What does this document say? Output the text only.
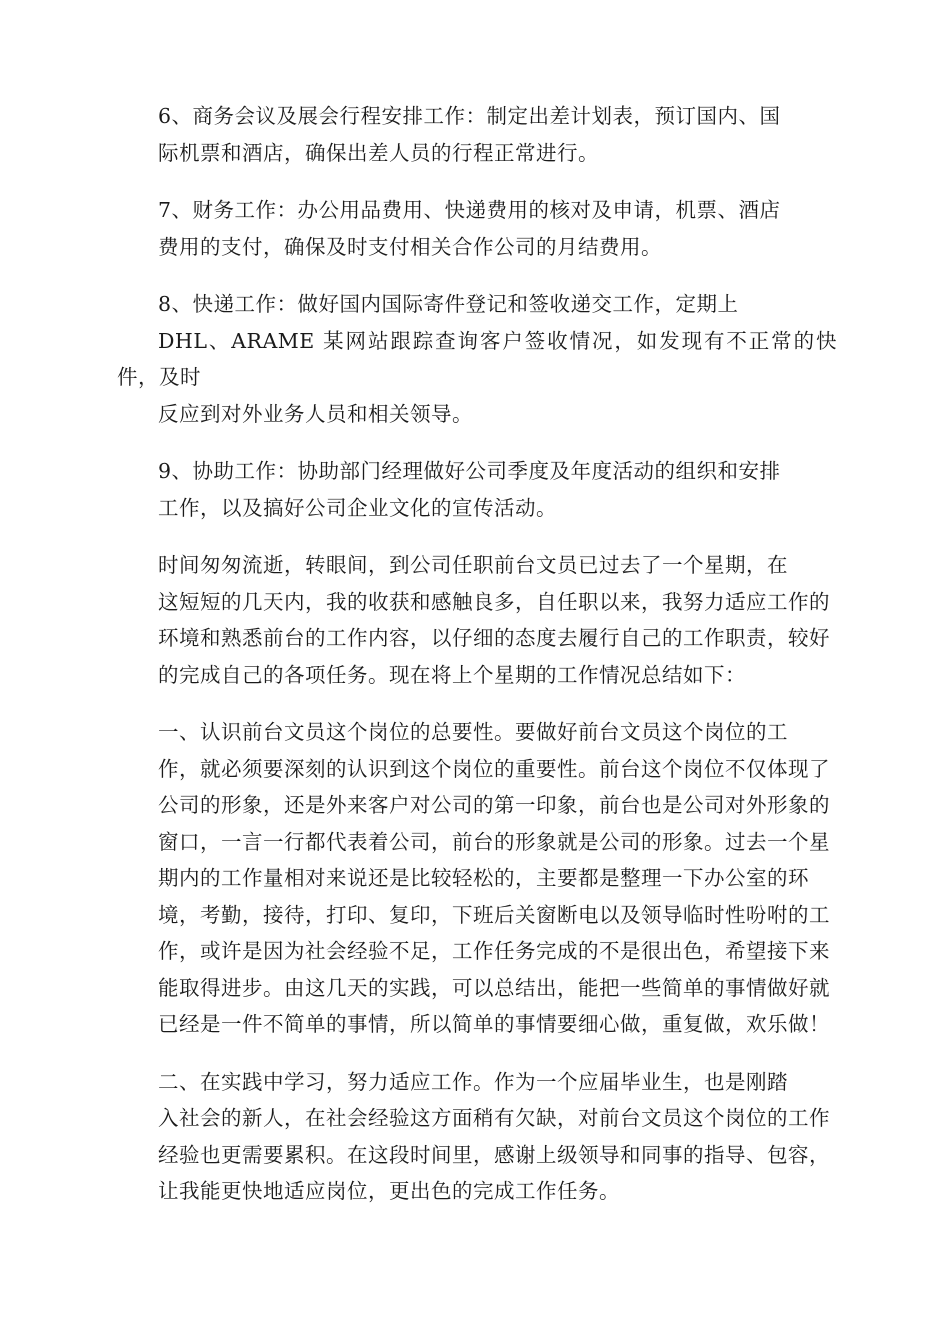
6、商务会议及展会行程安排工作：制定出差计划表，预订国内、国
际机票和酒店，确保出差人员的行程正常进行。

7、财务工作：办公用品费用、快递费用的核对及申请，机票、酒店
费用的支付，确保及时支付相关合作公司的月结费用。

8、快递工作：做好国内国际寄件登记和签收递交工作，定期上
DHL、ARAME 某网站跟踪查询客户签收情况，如发现有不正常的快件，及时
反应到对外业务人员和相关领导。

9、协助工作：协助部门经理做好公司季度及年度活动的组织和安排
工作，以及搞好公司企业文化的宣传活动。

时间匆匆流逝，转眼间，到公司任职前台文员已过去了一个星期，在
这短短的几天内，我的收获和感触良多，自任职以来，我努力适应工作的
环境和熟悉前台的工作内容，以仔细的态度去履行自己的工作职责，较好
的完成自己的各项任务。现在将上个星期的工作情况总结如下：

一、认识前台文员这个岗位的总要性。要做好前台文员这个岗位的工
作，就必须要深刻的认识到这个岗位的重要性。前台这个岗位不仅体现了
公司的形象，还是外来客户对公司的第一印象，前台也是公司对外形象的
窗口，一言一行都代表着公司，前台的形象就是公司的形象。过去一个星
期内的工作量相对来说还是比较轻松的，主要都是整理一下办公室的环
境，考勤，接待，打印、复印，下班后关窗断电以及领导临时性吩咐的工
作，或许是因为社会经验不足，工作任务完成的不是很出色，希望接下来
能取得进步。由这几天的实践，可以总结出，能把一些简单的事情做好就
已经是一件不简单的事情，所以简单的事情要细心做，重复做，欢乐做！

二、在实践中学习，努力适应工作。作为一个应届毕业生，也是刚踏
入社会的新人，在社会经验这方面稍有欠缺，对前台文员这个岗位的工作
经验也更需要累积。在这段时间里，感谢上级领导和同事的指导、包容，
让我能更快地适应岗位，更出色的完成工作任务。
